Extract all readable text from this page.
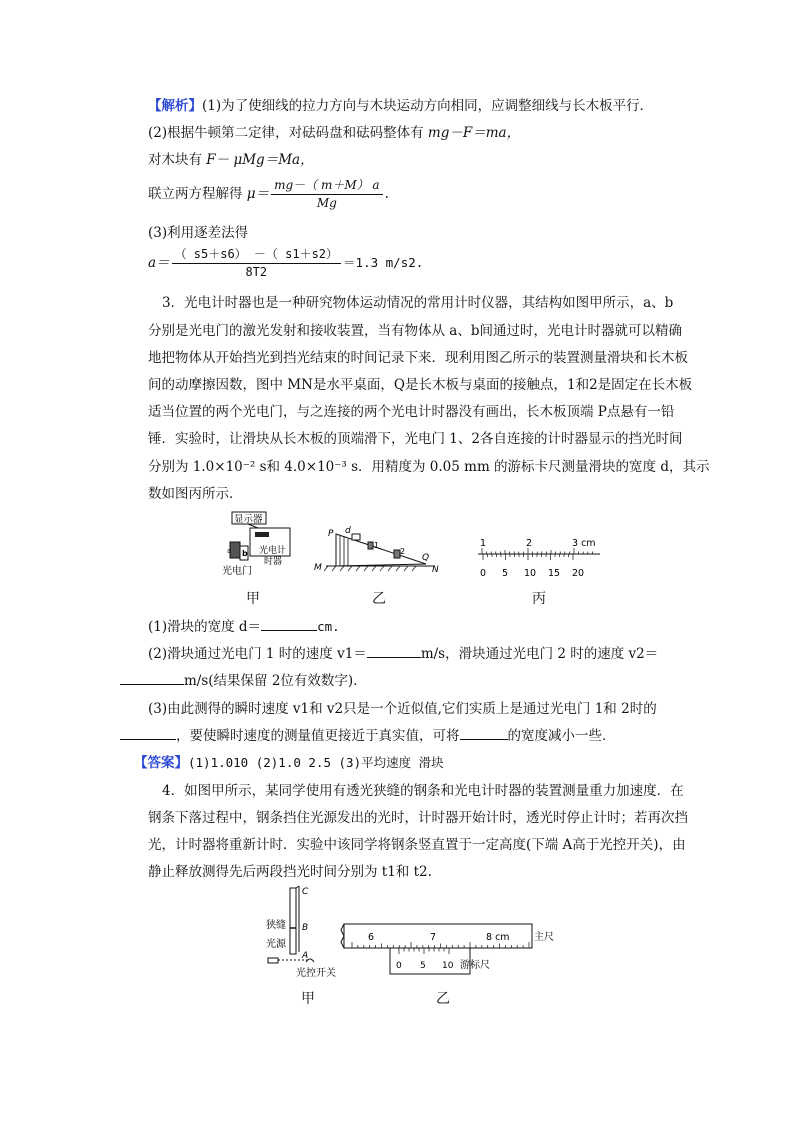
【解析】(1)为了使细线的拉力方向与木块运动方向相同，应调整细线与长木板平行．
(2)根据牛顿第二定律，对砝码盘和砝码整体有 mg－F＝ma，
对木块有 F－ μMg＝Ma，
联立两方程解得 $\mu= \frac{mg-( m+M) a}{Mg}$ .
(3)利用逐差法得
$a= \frac{( s5+s6) -( s1+s2)}{8T2} =1.3$ m/s2.
3．光电计时器也是一种研究物体运动情况的常用计时仪器，其结构如图甲所示，a、b
分别是光电门的激光发射和接收装置，当有物体从 a、b间通过时，光电计时器就可以精确
地把物体从开始挡光到挡光结束的时间记录下来．现利用图乙所示的装置测量滑块和长木板
间的动摩擦因数，图中 MN是水平桌面，Q是长木板与桌面的接触点，1和2是固定在长木板
适当位置的两个光电门，与之连接的两个光电计时器没有画出，长木板顶端 P点悬有一铅
锤．实验时，让滑块从长木板的顶端滑下，光电门 1、2各自连接的计时器显示的挡光时间
分别为 1.0×10⁻² s和 4.0×10⁻³ s．用精度为 0.05 mm 的游标卡尺测量滑块的宽度 d，其示
数如图丙所示．
显示器
a b 光电计
时器
光电门
甲
P d
1
2
M	N
Q
乙
1	2	3 cm
0 5 10 15 20
丙
(1)滑块的宽度 d＝	cm.
(2)滑块通过光电门 1 时的速度 v1＝	m/s，滑块通过光电门 2 时的速度 v2＝
m/s(结果保留 2位有效数字)．
(3)由此测得的瞬时速度 v1和 v2只是一个近似值,它们实质上是通过光电门 1和 2时的
，要使瞬时速度的测量值更接近于真实值，可将	的宽度减小一些．
【答案】(1)1.010 (2)1.0 2.5 (3)平均速度 滑块
4．如图甲所示，某同学使用有透光狭缝的钢条和光电计时器的装置测量重力加速度．在
钢条下落过程中，钢条挡住光源发出的光时，计时器开始计时，透光时停止计时；若再次挡
光，计时器将重新计时．实验中该同学将钢条竖直置于一定高度(下端 A高于光控开关)，由
静止释放测得先后两段挡光时间分别为 t1和 t2.
C
B
A
狭缝
光源
光控开关
甲
6	7	8 cm 主尺
0 5 10 游标尺
乙
